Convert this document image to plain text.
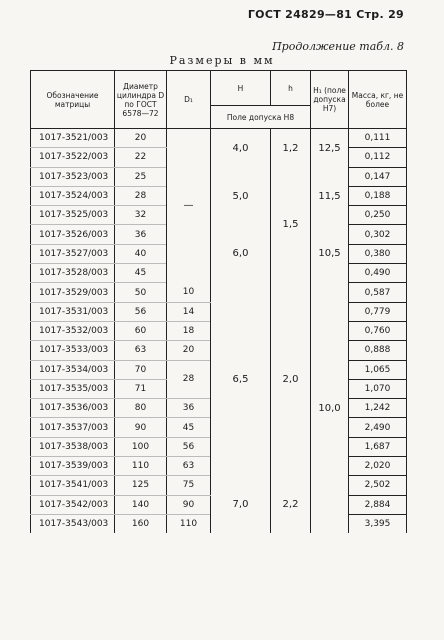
ГОСТ 24829—81 Стр. 29
Продолжение табл. 8
Размеры в мм
Обозначение матрицы	Диаметр цилиндра D по ГОСТ 6578—72	D₁	H	h	H₁ (поле допуска H7)	Масса, кг, не более
			Поле допуска H8			
1017-3521/003	20	—	4,0	1,2	12,5	0,111
1017-3522/003	22					0,112
1017-3523/003	25		5,0	1,5	11,5	0,147
1017-3524/003	28					0,188
1017-3525/003	32					0,250
1017-3526/003	36		6,0		10,5	0,302
1017-3527/003	40					0,380
1017-3528/003	45					0,490
1017-3529/003	50	10	6,5	2,0	10,0	0,587
1017-3531/003	56	14				0,779
1017-3532/003	60	18				0,760
1017-3533/003	63	20				0,888
1017-3534/003	70	28				1,065
1017-3535/003	71					1,070
1017-3536/003	80	36				1,242
1017-3537/003	90	45				2,490
1017-3538/003	100	56				1,687
1017-3539/003	110	63				2,020
1017-3541/003	125	75	7,0	2,2		2,502
1017-3542/003	140	90				2,884
1017-3543/003	160	110				3,395
